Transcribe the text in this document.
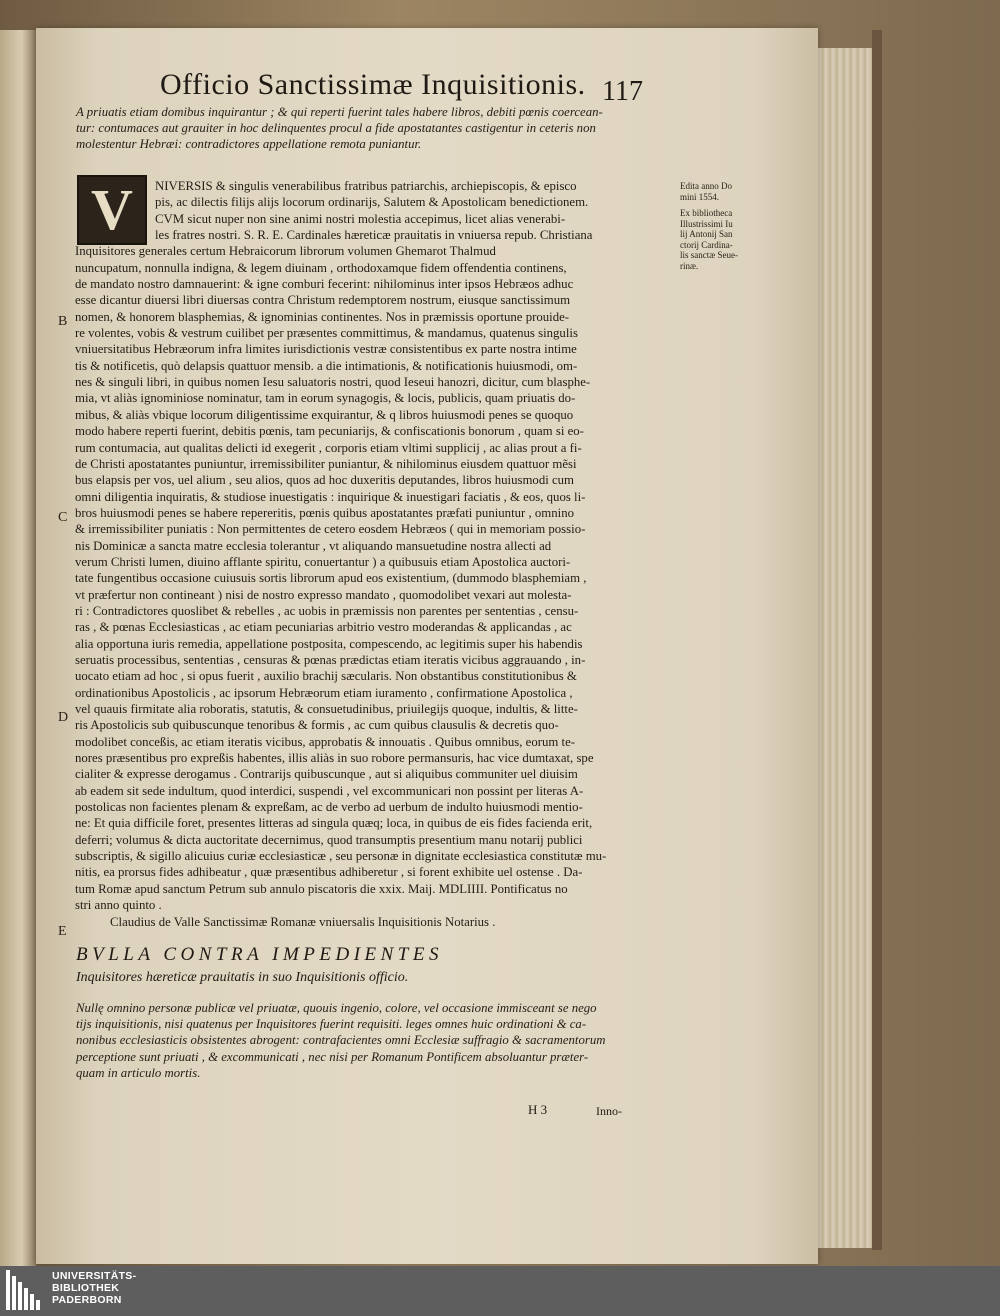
Officio Sanctissimæ Inquisitionis. 117
A priuatis etiam domibus inquirantur ; & qui reperti fuerint tales habere libros, debiti pœnis coercean-
tur: contumaces aut grauiter in hoc delinquentes procul a fide apostatantes castigentur in ceteris non
molestentur Hebræi: contradictores appellatione remota puniantur.
V	NIVERSIS & singulis venerabilibus fratribus patriarchis, archiepiscopis, & episco
pis, ac dilectis filijs alijs locorum ordinarijs, Salutem & Apostolicam benedictionem.
CVM sicut nuper non sine animi nostri molestia accepimus, licet alias venerabi-
les fratres nostri. S. R. E. Cardinales hæreticæ prauitatis in vniuersa repub. Christiana
Inquisitores generales certum Hebraicorum librorum volumen Ghemarot Thalmud
nuncupatum, nonnulla indigna, & legem diuinam , orthodoxamque fidem offendentia continens,
de mandato nostro damnauerint: & igne comburi fecerint: nihilominus inter ipsos Hebræos adhuc
esse dicantur diuersi libri diuersas contra Christum redemptorem nostrum, eiusque sanctissimum
nomen, & honorem blasphemias, & ignominias continentes. Nos in præmissis oportune prouide-
re volentes, vobis & vestrum cuilibet per præsentes committimus, & mandamus, quatenus singulis
vniuersitatibus Hebræorum infra limites iurisdictionis vestræ consistentibus ex parte nostra intime
tis & notificetis, quò delapsis quattuor mensib. a die intimationis, & notificationis huiusmodi, om-
nes & singuli libri, in quibus nomen Iesu saluatoris nostri, quod Ieseui hanozri, dicitur, cum blasphe-
mia, vt aliàs ignominiose nominatur, tam in eorum synagogis, & locis, publicis, quam priuatis do-
mibus, & aliàs vbique locorum diligentissime exquirantur, & q libros huiusmodi penes se quoquo
modo habere reperti fuerint, debitis pœnis, tam pecuniarijs, & confiscationis bonorum , quam si eo-
rum contumacia, aut qualitas delicti id exegerit , corporis etiam vltimi supplicij , ac alias prout a fi-
de Christi apostatantes puniuntur, irremissibiliter puniantur, & nihilominus eiusdem quattuor mẽsi
bus elapsis per vos, uel alium , seu alios, quos ad hoc duxeritis deputandes, libros huiusmodi cum
omni diligentia inquiratis, & studiose inuestigatis : inquirique & inuestigari faciatis , & eos, quos li-
bros huiusmodi penes se habere repereritis, pœnis quibus apostatantes præfati puniuntur , omnino
& irremissibiliter puniatis : Non permittentes de cetero eosdem Hebræos ( qui in memoriam possio-
nis Dominicæ a sancta matre ecclesia tolerantur , vt aliquando mansuetudine nostra allecti ad
verum Christi lumen, diuino afflante spiritu, conuertantur ) a quibusuis etiam Apostolica auctori-
tate fungentibus occasione cuiusuis sortis librorum apud eos existentium, (dummodo blasphemiam ,
vt præfertur non contineant ) nisi de nostro expresso mandato , quomodolibet vexari aut molesta-
ri : Contradictores quoslibet & rebelles , ac uobis in præmissis non parentes per sententias , censu-
ras , & pœnas Ecclesiasticas , ac etiam pecuniarias arbitrio vestro moderandas & applicandas , ac
alia opportuna iuris remedia, appellatione postposita, compescendo, ac legitimis super his habendis
seruatis processibus, sententias , censuras & pœnas prædictas etiam iteratis vicibus aggrauando , in-
uocato etiam ad hoc , si opus fuerit , auxilio brachij sæcularis. Non obstantibus constitutionibus &
ordinationibus Apostolicis , ac ipsorum Hebræorum etiam iuramento , confirmatione Apostolica ,
vel quauis firmitate alia roboratis, statutis, & consuetudinibus, priuilegijs quoque, indultis, & litte-
ris Apostolicis sub quibuscunque tenoribus & formis , ac cum quibus clausulis & decretis quo-
modolibet conceßis, ac etiam iteratis vicibus, approbatis & innouatis . Quibus omnibus, eorum te-
nores præsentibus pro expreßis habentes, illis aliàs in suo robore permansuris, hac vice dumtaxat, spe
cialiter & expresse derogamus . Contrarijs quibuscunque , aut si aliquibus communiter uel diuisim
ab eadem sit sede indultum, quod interdici, suspendi , vel excommunicari non possint per literas A-
postolicas non facientes plenam & expreßam, ac de verbo ad uerbum de indulto huiusmodi mentio-
ne: Et quia difficile foret, presentes litteras ad singula quæq; loca, in quibus de eis fides facienda erit,
deferri; volumus & dicta auctoritate decernimus, quod transumptis presentium manu notarij publici
subscriptis, & sigillo alicuius curiæ ecclesiasticæ , seu personæ in dignitate ecclesiastica constitutæ mu-
nitis, ea prorsus fides adhibeatur , quæ præsentibus adhiberetur , si forent exhibite uel ostense . Da-
tum Romæ apud sanctum Petrum sub annulo piscatoris die xxix. Maij. MDLIIII. Pontificatus no
stri anno quinto .
B
C
D
E
Edita anno Do
mini 1554.
Ex bibliotheca
Illustrissimi Iu
lij Antonij San
ctorij Cardina-
lis sanctæ Seue-
rinæ.
Claudius de Valle Sanctissimæ Romanæ vniuersalis Inquisitionis Notarius .
BVLLA CONTRA IMPEDIENTES
Inquisitores hæreticæ prauitatis in suo Inquisitionis officio.
Nullę omnino personæ publicæ vel priuatæ, quouis ingenio, colore, vel occasione immisceant se nego
tijs inquisitionis, nisi quatenus per Inquisitores fuerint requisiti. leges omnes huic ordinationi & ca-
nonibus ecclesiasticis obsistentes abrogent: contrafacientes omni Ecclesiæ suffragio & sacramentorum
perceptione sunt priuati , & excommunicati , nec nisi per Romanum Pontificem absoluantur præter-
quam in articulo mortis.
H 3	Inno-
UNIVERSITÄTS-
BIBLIOTHEK
PADERBORN
